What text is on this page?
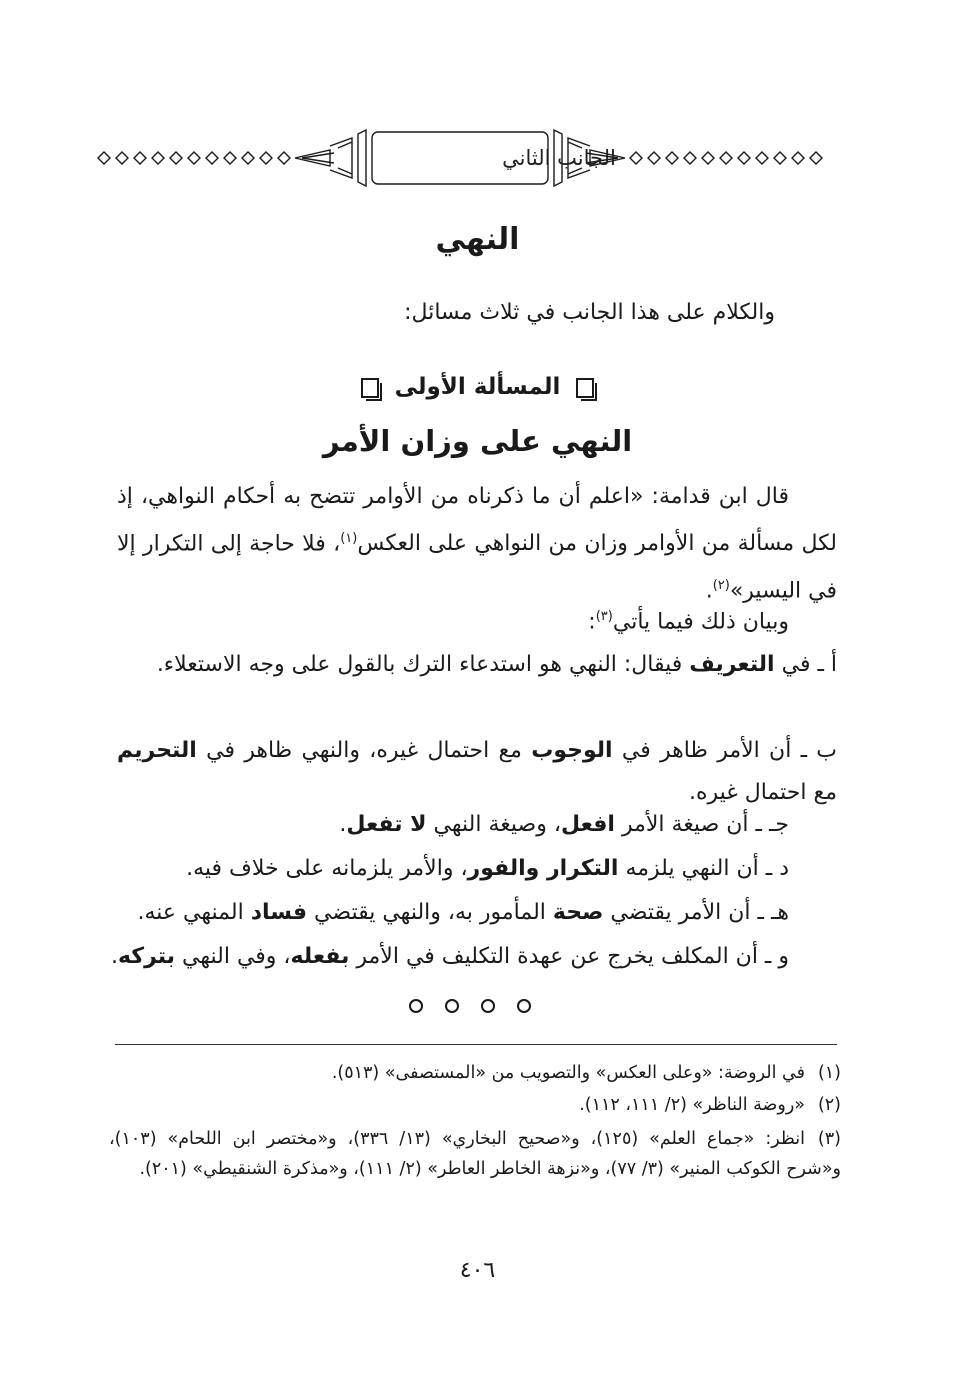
الجانب الثاني
النهي
والكلام على هذا الجانب في ثلاث مسائل:
المسألة الأولى
النهي على وزان الأمر
قال ابن قدامة: «اعلم أن ما ذكرناه من الأوامر تتضح به أحكام النواهي، إذ لكل مسألة من الأوامر وزان من النواهي على العكس$^{(١)}$، فلا حاجة إلى التكرار إلا في اليسير»$^{(٢)}$.
وبيان ذلك فيما يأتي$^{(٣)}$:
أ ـ في التعريف فيقال: النهي هو استدعاء الترك بالقول على وجه الاستعلاء.
ب ـ أن الأمر ظاهر في الوجوب مع احتمال غيره، والنهي ظاهر في التحريم مع احتمال غيره.
جـ ـ أن صيغة الأمر افعل، وصيغة النهي لا تفعل.
د ـ أن النهي يلزمه التكرار والفور، والأمر يلزمانه على خلاف فيه.
هـ ـ أن الأمر يقتضي صحة المأمور به، والنهي يقتضي فساد المنهي عنه.
و ـ أن المكلف يخرج عن عهدة التكليف في الأمر بفعله، وفي النهي بتركه.
(١)في الروضة: «وعلى العكس» والتصويب من «المستصفى» (٥١٣).
(٢)«روضة الناظر» (٢/ ١١١، ١١٢).
(٣)انظر: «جماع العلم» (١٢٥)، و«صحيح البخاري» (١٣/ ٣٣٦)، و«مختصر ابن اللحام» (١٠٣)، و«شرح الكوكب المنير» (٣/ ٧٧)، و«نزهة الخاطر العاطر» (٢/ ١١١)، و«مذكرة الشنقيطي» (٢٠١).
٤٠٦
